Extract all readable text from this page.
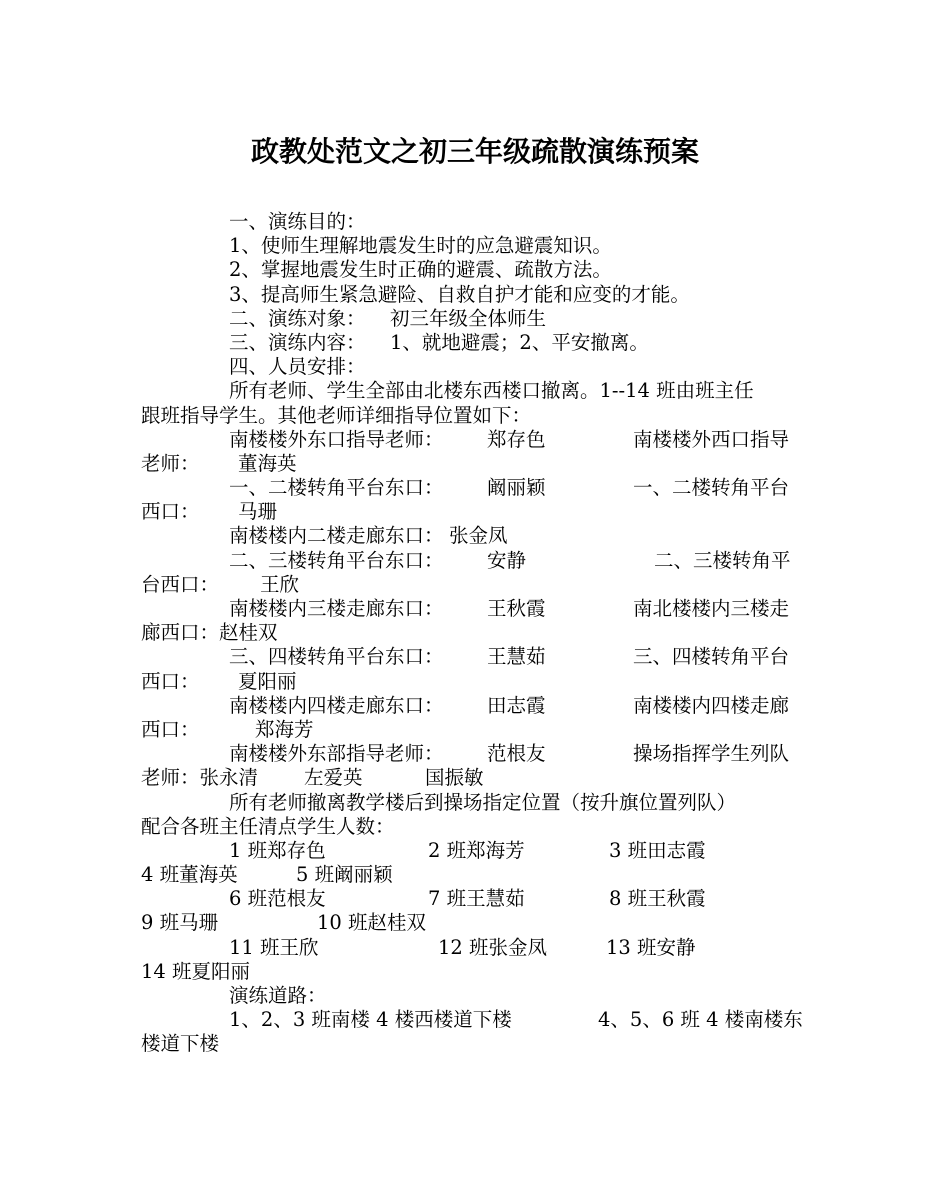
政教处范文之初三年级疏散演练预案
一、演练目的：
1、使师生理解地震发生时的应急避震知识。
2、掌握地震发生时正确的避震、疏散方法。
3、提高师生紧急避险、自救自护才能和应变的才能。
二、演练对象： 初三年级全体师生
三、演练内容： 1、就地避震；2、平安撤离。
四、人员安排：
所有老师、学生全部由北楼东西楼口撤离。1--14 班由班主任
跟班指导学生。其他老师详细指导位置如下：
南楼楼外东口指导老师： 郑存色	南楼楼外西口指导
老师： 董海英
一、二楼转角平台东口： 阚丽颖	一、二楼转角平台
西口： 马珊
南楼楼内二楼走廊东口： 张金凤
二、三楼转角平台东口： 安静	二、三楼转角平
台西口： 王欣
南楼楼内三楼走廊东口： 王秋霞	南北楼楼内三楼走
廊西口：赵桂双
三、四楼转角平台东口： 王慧茹	三、四楼转角平台
西口： 夏阳丽
南楼楼内四楼走廊东口： 田志霞	南楼楼内四楼走廊
西口：	郑海芳
南楼楼外东部指导老师： 范根友	操场指挥学生列队
老师：张永清 左爱英	国振敏
所有老师撤离教学楼后到操场指定位置（按升旗位置列队）
配合各班主任清点学生人数：
1 班郑存色	2 班郑海芳	3 班田志霞
4 班董海英	5 班阚丽颖
6 班范根友	7 班王慧茹	8 班王秋霞
9 班马珊	10 班赵桂双
11 班王欣	12 班张金凤	13 班安静
14 班夏阳丽
演练道路：
1、2、3 班南楼 4 楼西楼道下楼	4、5、6 班 4 楼南楼东
楼道下楼
